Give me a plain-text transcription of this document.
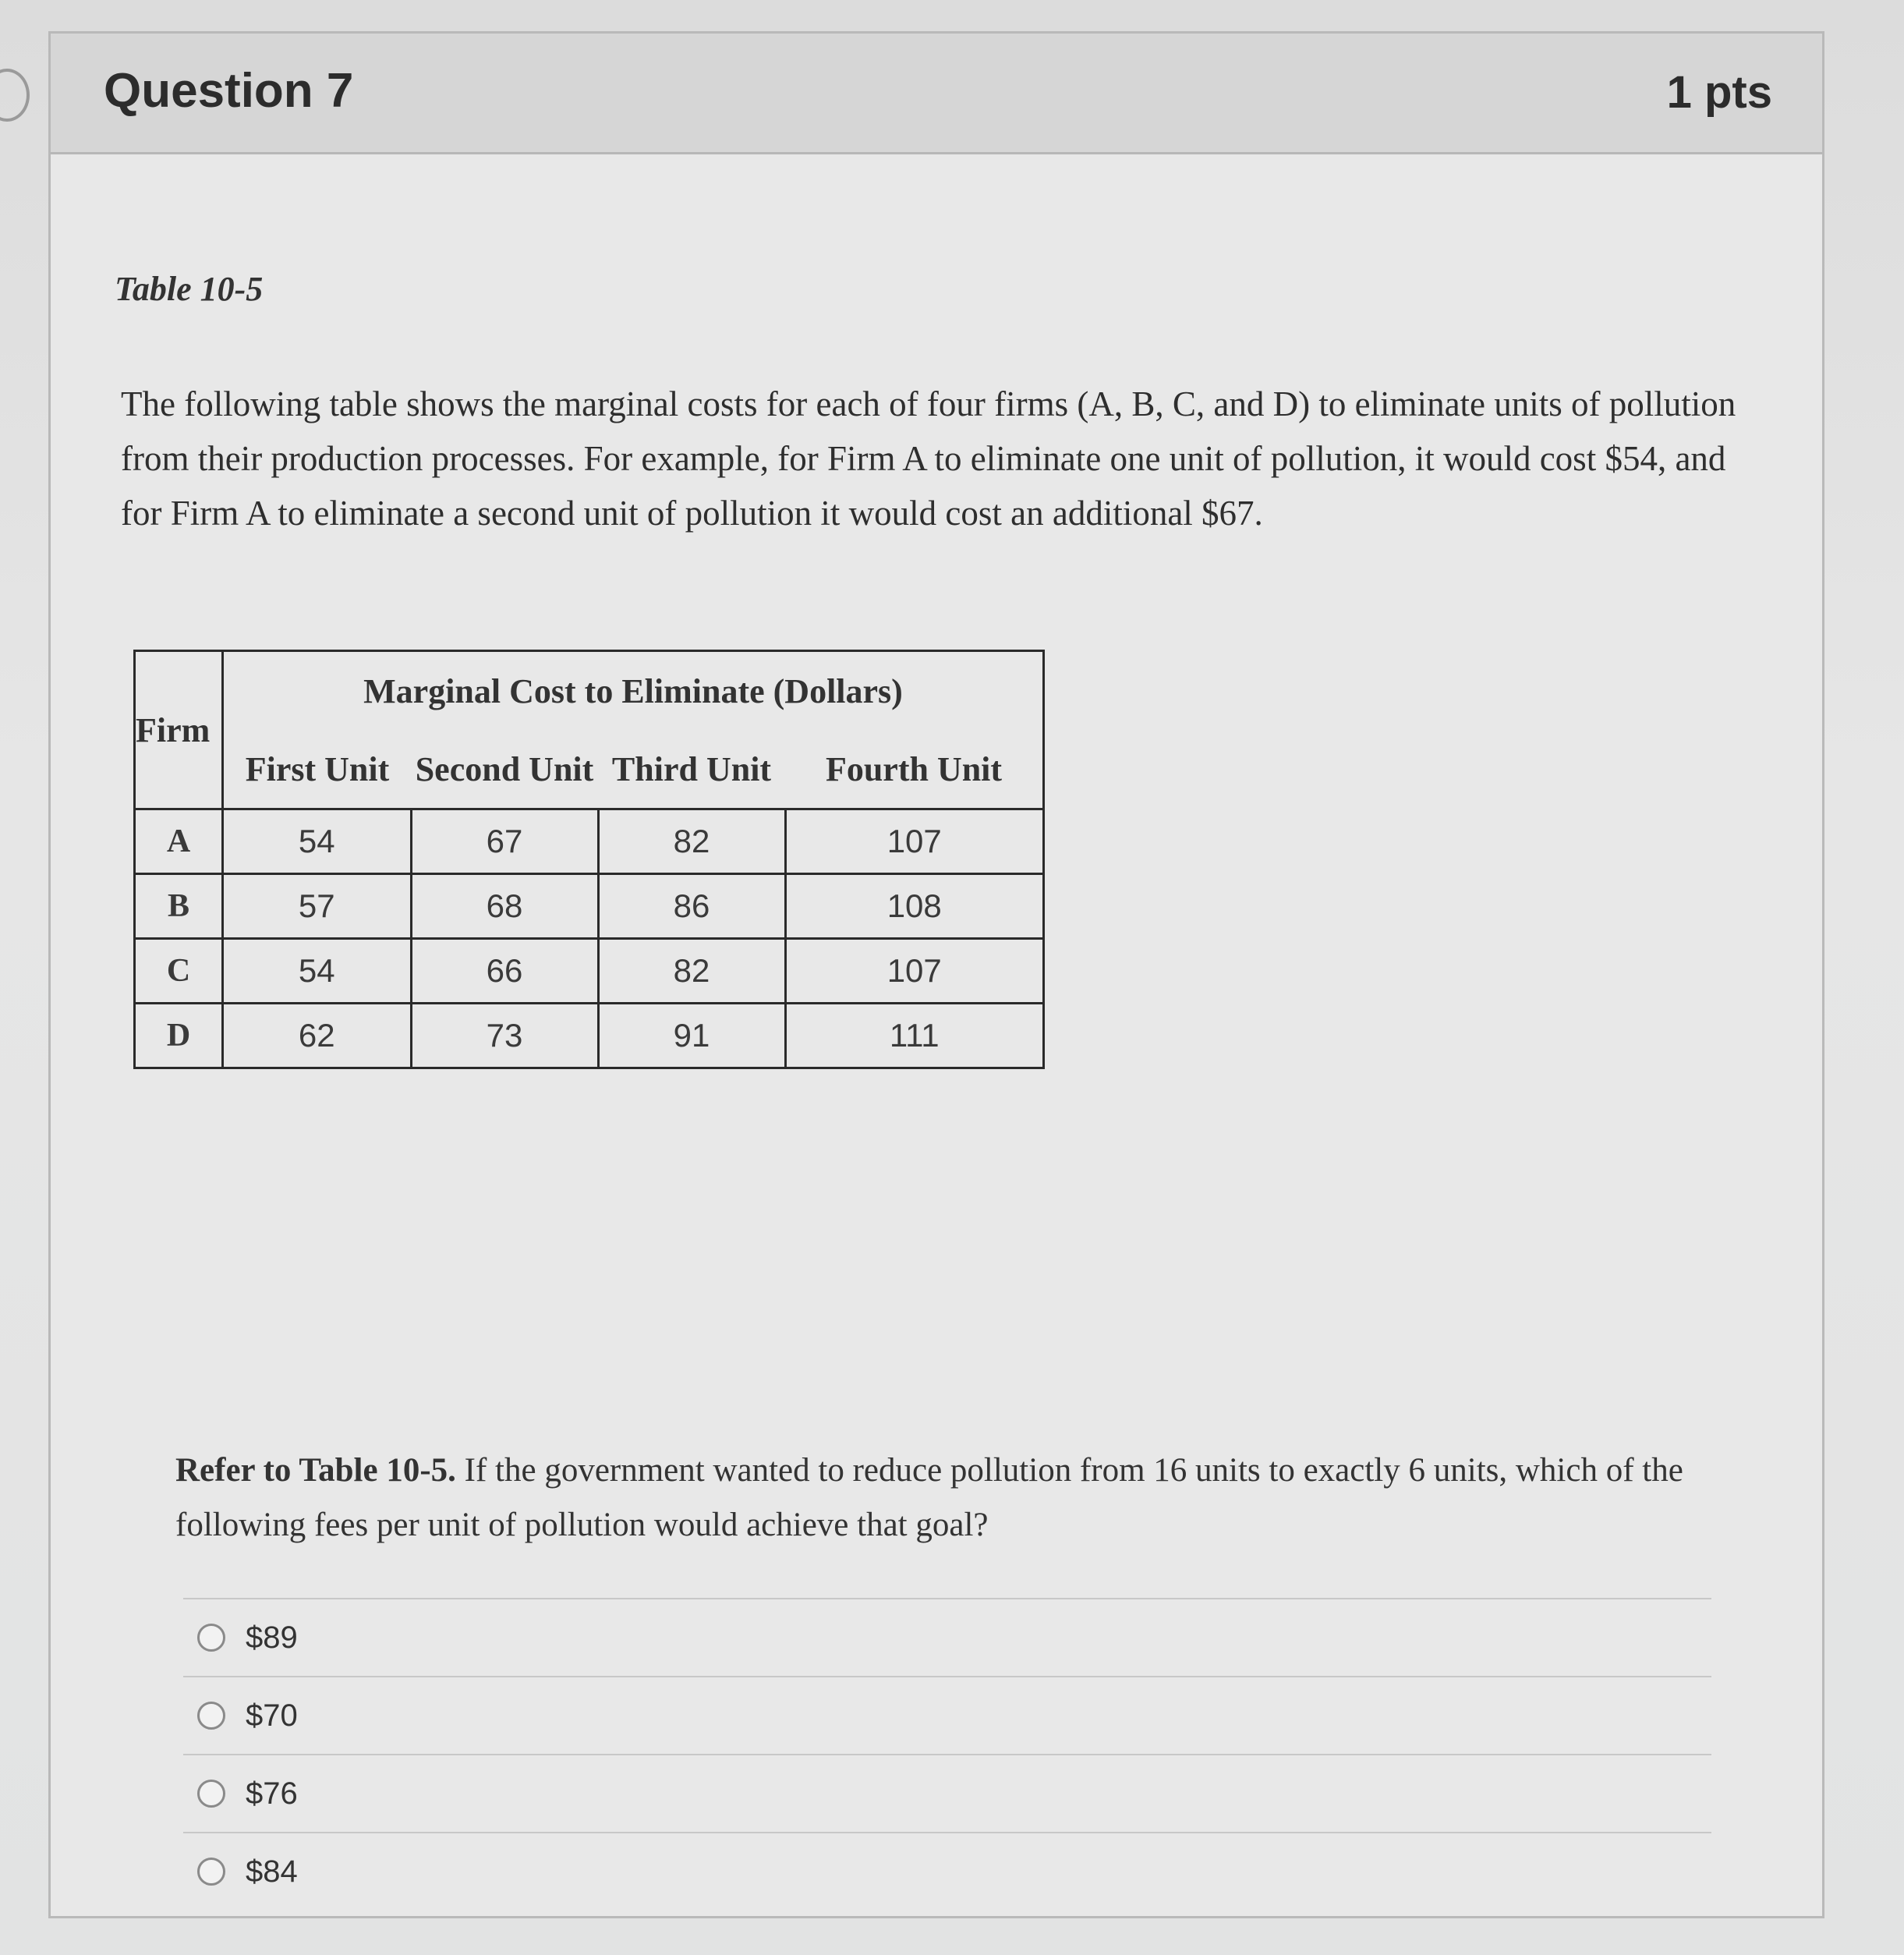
Question 7	1 pts
Table 10-5
The following table shows the marginal costs for each of four firms (A, B, C, and D) to eliminate units of pollution from their production processes. For example, for Firm A to eliminate one unit of pollution, it would cost $54, and for Firm A to eliminate a second unit of pollution it would cost an additional $67.
Firm	Marginal Cost to Eliminate (Dollars)			
	First Unit	Second Unit	Third Unit	Fourth Unit
A	54	67	82	107
B	57	68	86	108
C	54	66	82	107
D	62	73	91	111
Refer to Table 10-5. If the government wanted to reduce pollution from 16 units to exactly 6 units, which of the following fees per unit of pollution would achieve that goal?
$89
$70
$76
$84
